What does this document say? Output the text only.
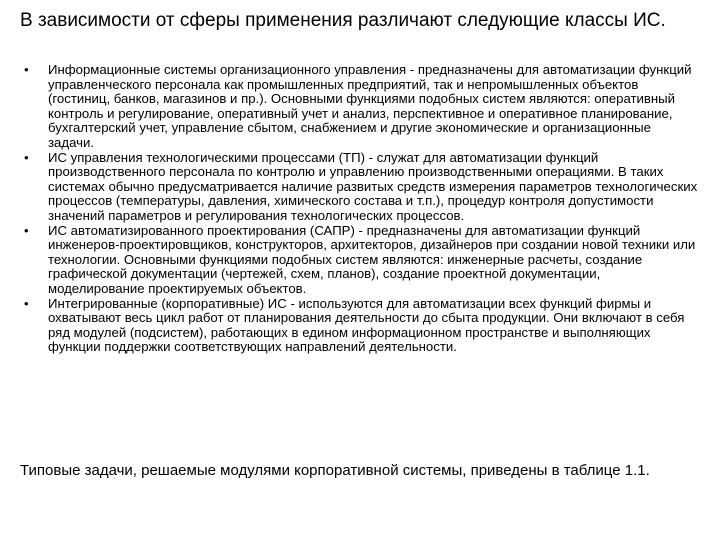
В зависимости от сферы применения различают следующие классы ИС.
• Информационные системы организационного управления - предназначены для автоматизации функций управленческого персонала как промышленных предприятий, так и непромышленных объектов (гостиниц, банков, магазинов и пр.). Основными функциями подобных систем являются: оперативный контроль и регулирование, оперативный учет и анализ, перспективное и оперативное планирование, бухгалтерский учет, управление сбытом, снабжением и другие экономические и организационные задачи.
• ИС управления технологическими процессами (ТП) - служат для автоматизации функций производственного персонала по контролю и управлению производственными операциями. В таких системах обычно предусматривается наличие развитых средств измерения параметров технологических процессов (температуры, давления, химического состава и т.п.), процедур контроля допустимости значений параметров и регулирования технологических процессов.
• ИС автоматизированного проектирования (САПР) - предназначены для автоматизации функций инженеров-проектировщиков, конструкторов, архитекторов, дизайнеров при создании новой техники или технологии. Основными функциями подобных систем являются: инженерные расчеты, создание графической документации (чертежей, схем, планов), создание проектной документации, моделирование проектируемых объектов.
• Интегрированные (корпоративные) ИС - используются для автоматизации всех функций фирмы и охватывают весь цикл работ от планирования деятельности до сбыта продукции. Они включают в себя ряд модулей (подсистем), работающих в едином информационном пространстве и выполняющих функции поддержки соответствующих направлений деятельности.
Типовые задачи, решаемые модулями корпоративной системы, приведены в таблице 1.1.
